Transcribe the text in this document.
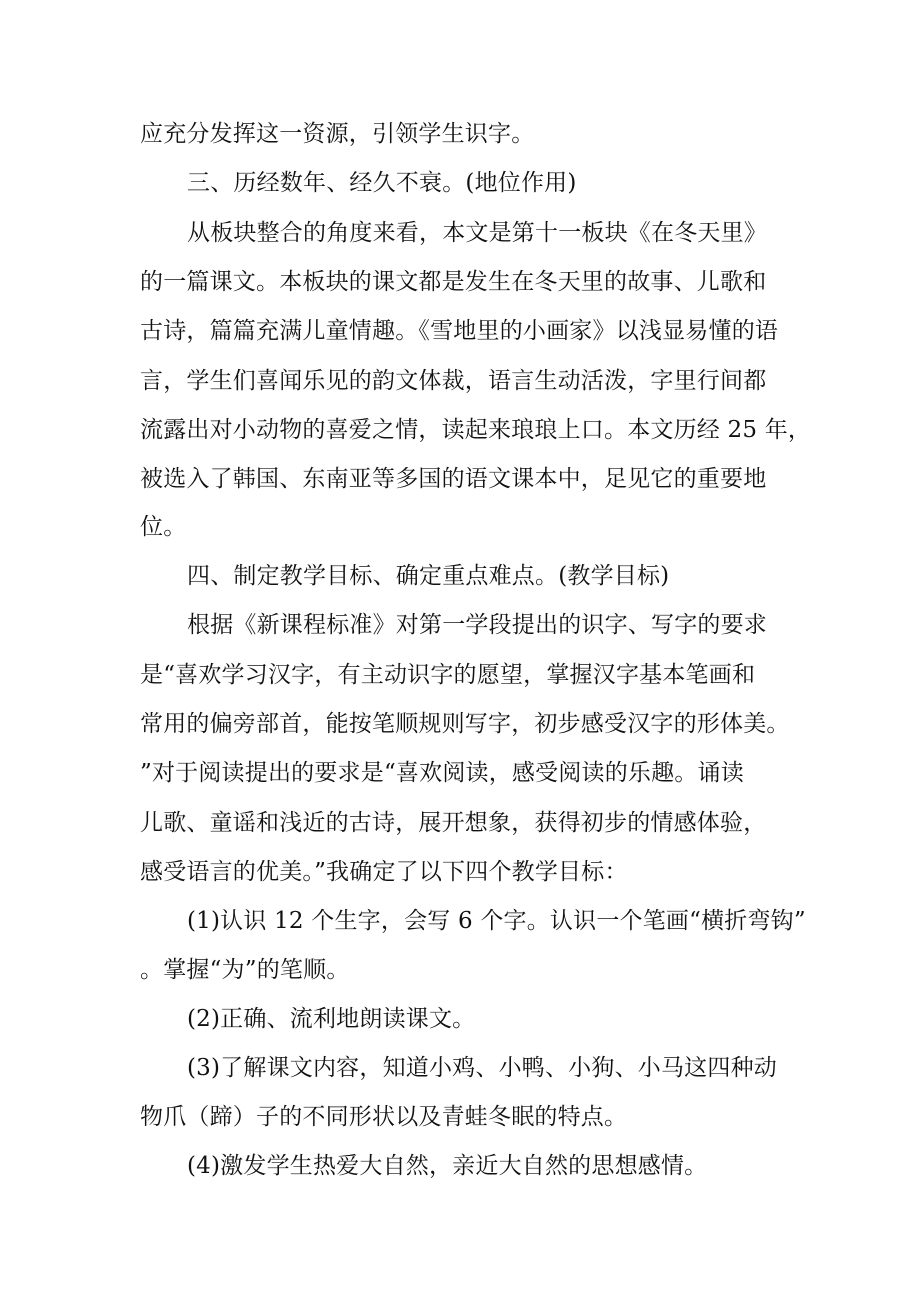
应充分发挥这一资源，引领学生识字。
三、历经数年、经久不衰。(地位作用)
从板块整合的角度来看，本文是第十一板块《在冬天里》
的一篇课文。本板块的课文都是发生在冬天里的故事、儿歌和
古诗，篇篇充满儿童情趣。《雪地里的小画家》以浅显易懂的语
言，学生们喜闻乐见的韵文体裁，语言生动活泼，字里行间都
流露出对小动物的喜爱之情，读起来琅琅上口。本文历经 25 年，
被选入了韩国、东南亚等多国的语文课本中，足见它的重要地
位。
四、制定教学目标、确定重点难点。(教学目标)
根据《新课程标准》对第一学段提出的识字、写字的要求
是“喜欢学习汉字，有主动识字的愿望，掌握汉字基本笔画和
常用的偏旁部首，能按笔顺规则写字，初步感受汉字的形体美。
”对于阅读提出的要求是“喜欢阅读，感受阅读的乐趣。诵读
儿歌、童谣和浅近的古诗，展开想象，获得初步的情感体验，
感受语言的优美。”我确定了以下四个教学目标：
(1)认识 12 个生字，会写 6 个字。认识一个笔画“横折弯钩”
。掌握“为”的笔顺。
(2)正确、流利地朗读课文。
(3)了解课文内容，知道小鸡、小鸭、小狗、小马这四种动
物爪（蹄）子的不同形状以及青蛙冬眠的特点。
(4)激发学生热爱大自然，亲近大自然的思想感情。
